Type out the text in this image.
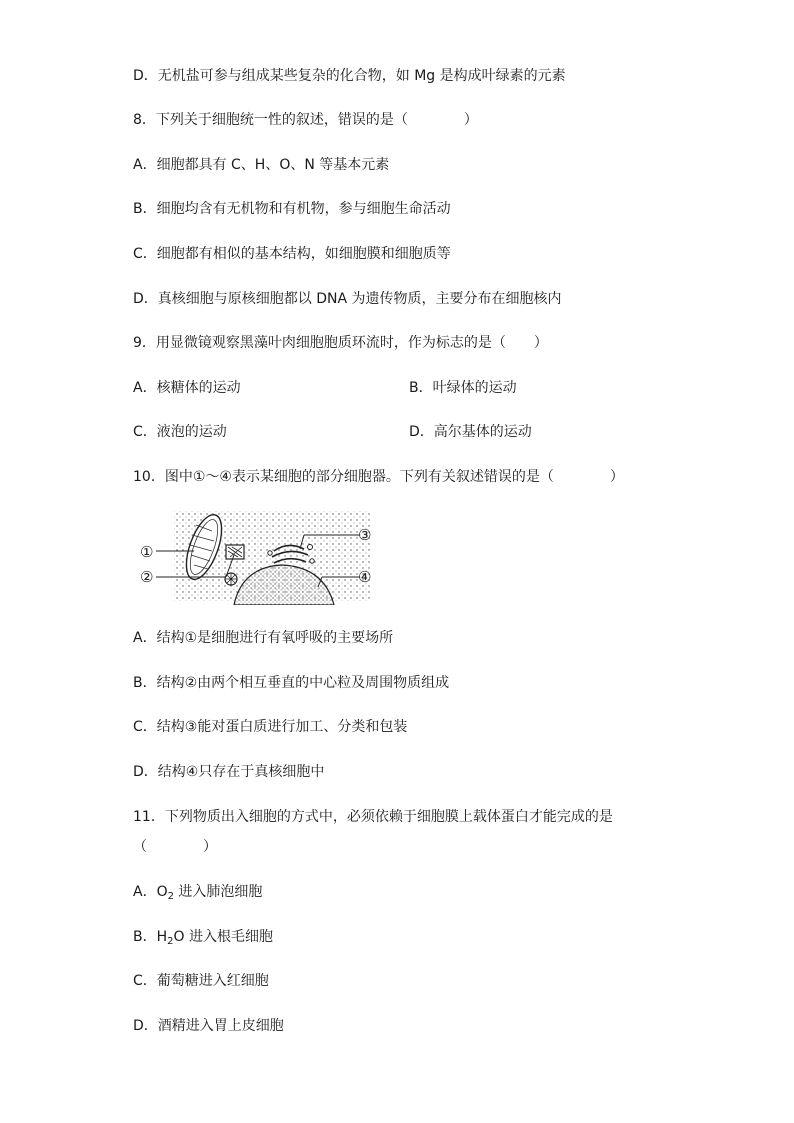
D．无机盐可参与组成某些复杂的化合物，如 Mg 是构成叶绿素的元素
8．下列关于细胞统一性的叙述，错误的是（　　　　）
A．细胞都具有 C、H、O、N 等基本元素
B．细胞均含有无机物和有机物，参与细胞生命活动
C．细胞都有相似的基本结构，如细胞膜和细胞质等
D．真核细胞与原核细胞都以 DNA 为遗传物质，主要分布在细胞核内
9．用显微镜观察黑藻叶肉细胞胞质环流时，作为标志的是（　　）
A．核糖体的运动	B．叶绿体的运动
C．液泡的运动	D．高尔基体的运动
10．图中①～④表示某细胞的部分细胞器。下列有关叙述错误的是（　　　　）
①
②
③
④
A．结构①是细胞进行有氧呼吸的主要场所
B．结构②由两个相互垂直的中心粒及周围物质组成
C．结构③能对蛋白质进行加工、分类和包装
D．结构④只存在于真核细胞中
11．下列物质出入细胞的方式中，必须依赖于细胞膜上载体蛋白才能完成的是
（　　　　）
A．$O_2$ 进入肺泡细胞
B．$H_2O$ 进入根毛细胞
C．葡萄糖进入红细胞
D．酒精进入胃上皮细胞
